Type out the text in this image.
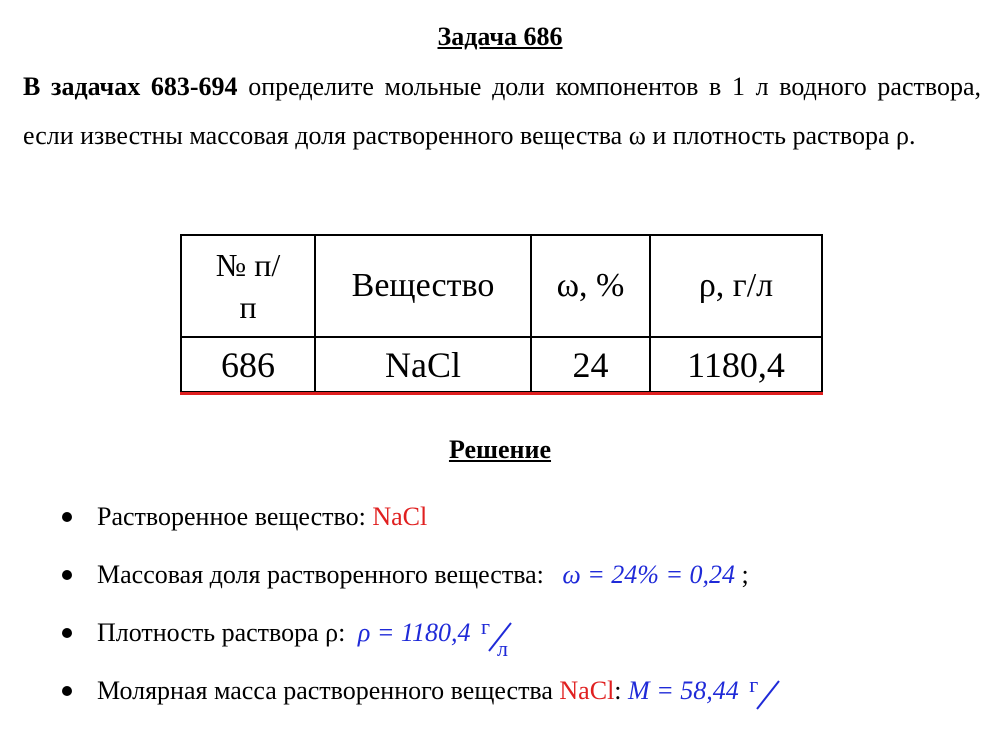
Задача 686
В задачах 683-694 определите мольные доли компонентов в 1 л водного раствора, если известны массовая доля растворенного вещества ω и плотность раствора ρ.
№ п/п	Вещество	ω, %	ρ, г/л
686	NaCl	24	1180,4
Решение
Растворенное вещество: NaCl
Массовая доля растворенного вещества: ω = 24% = 0,24 ;
Плотность раствора ρ: ρ = 1180,4 г
л
Молярная масса растворенного вещества NaCl: M = 58,44 г
